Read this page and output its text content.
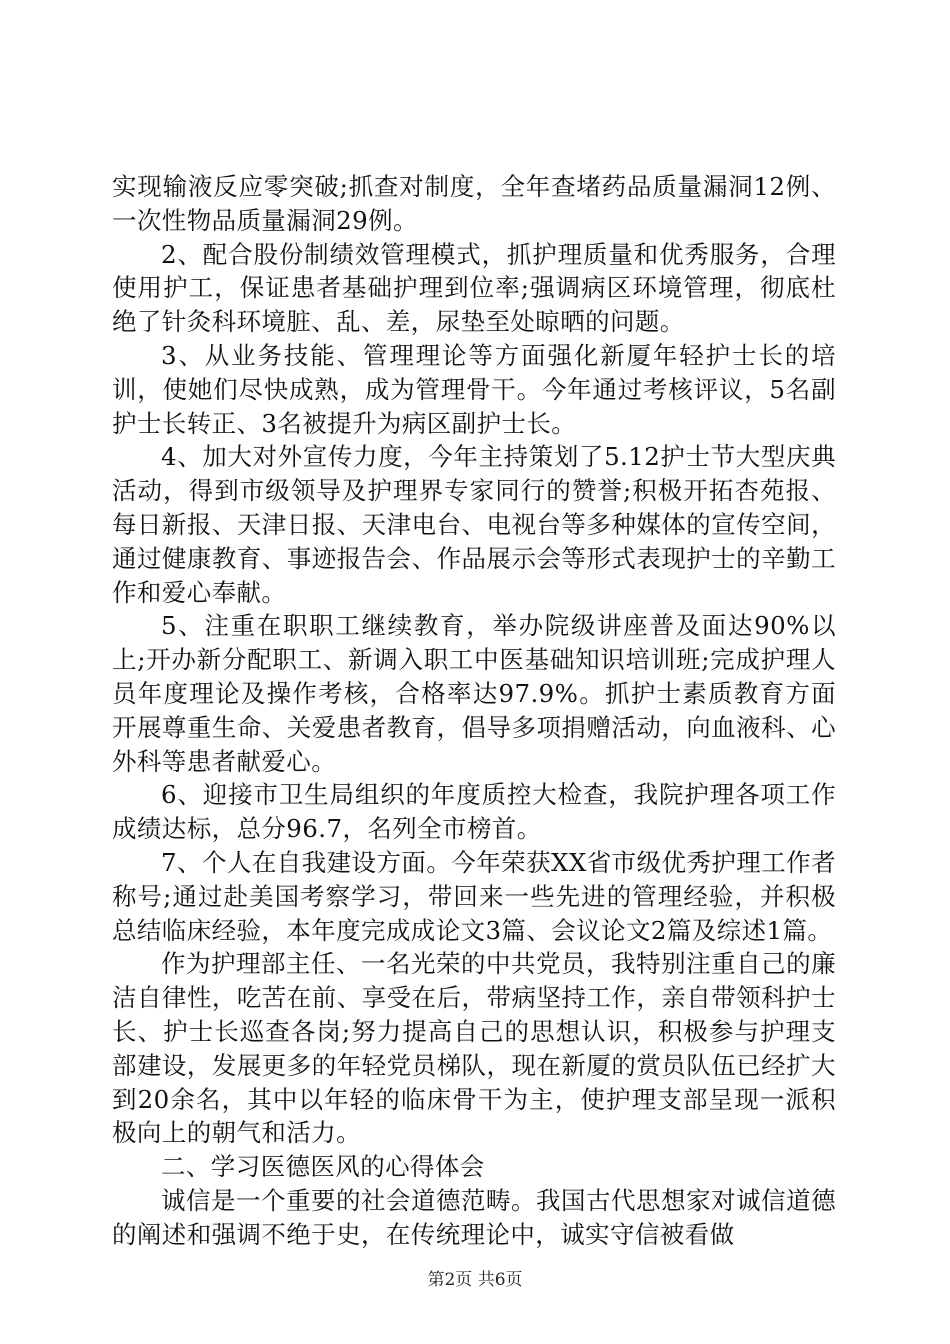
实现输液反应零突破;抓查对制度，全年查堵药品质量漏洞12例、一次性物品质量漏洞29例。

2、配合股份制绩效管理模式，抓护理质量和优秀服务，合理使用护工，保证患者基础护理到位率;强调病区环境管理，彻底杜绝了针灸科环境脏、乱、差，尿垫至处晾晒的问题。

3、从业务技能、管理理论等方面强化新厦年轻护士长的培训，使她们尽快成熟，成为管理骨干。今年通过考核评议，5名副护士长转正、3名被提升为病区副护士长。

4、加大对外宣传力度，今年主持策划了5.12护士节大型庆典活动，得到市级领导及护理界专家同行的赞誉;积极开拓杏苑报、每日新报、天津日报、天津电台、电视台等多种媒体的宣传空间，通过健康教育、事迹报告会、作品展示会等形式表现护士的辛勤工作和爱心奉献。

5、注重在职职工继续教育，举办院级讲座普及面达90%以上;开办新分配职工、新调入职工中医基础知识培训班;完成护理人员年度理论及操作考核，合格率达97.9%。抓护士素质教育方面开展尊重生命、关爱患者教育，倡导多项捐赠活动，向血液科、心外科等患者献爱心。

6、迎接市卫生局组织的年度质控大检查，我院护理各项工作成绩达标，总分96.7，名列全市榜首。

7、个人在自我建设方面。今年荣获XX省市级优秀护理工作者称号;通过赴美国考察学习，带回来一些先进的管理经验，并积极总结临床经验，本年度完成成论文3篇、会议论文2篇及综述1篇。

作为护理部主任、一名光荣的中共党员，我特别注重自己的廉洁自律性，吃苦在前、享受在后，带病坚持工作，亲自带领科护士长、护士长巡查各岗;努力提高自己的思想认识，积极参与护理支部建设，发展更多的年轻党员梯队，现在新厦的赏员队伍已经扩大到20余名，其中以年轻的临床骨干为主，使护理支部呈现一派积极向上的朝气和活力。

二、学习医德医风的心得体会

诚信是一个重要的社会道德范畴。我国古代思想家对诚信道德的阐述和强调不绝于史，在传统理论中，诚实守信被看做

第2页 共6页
